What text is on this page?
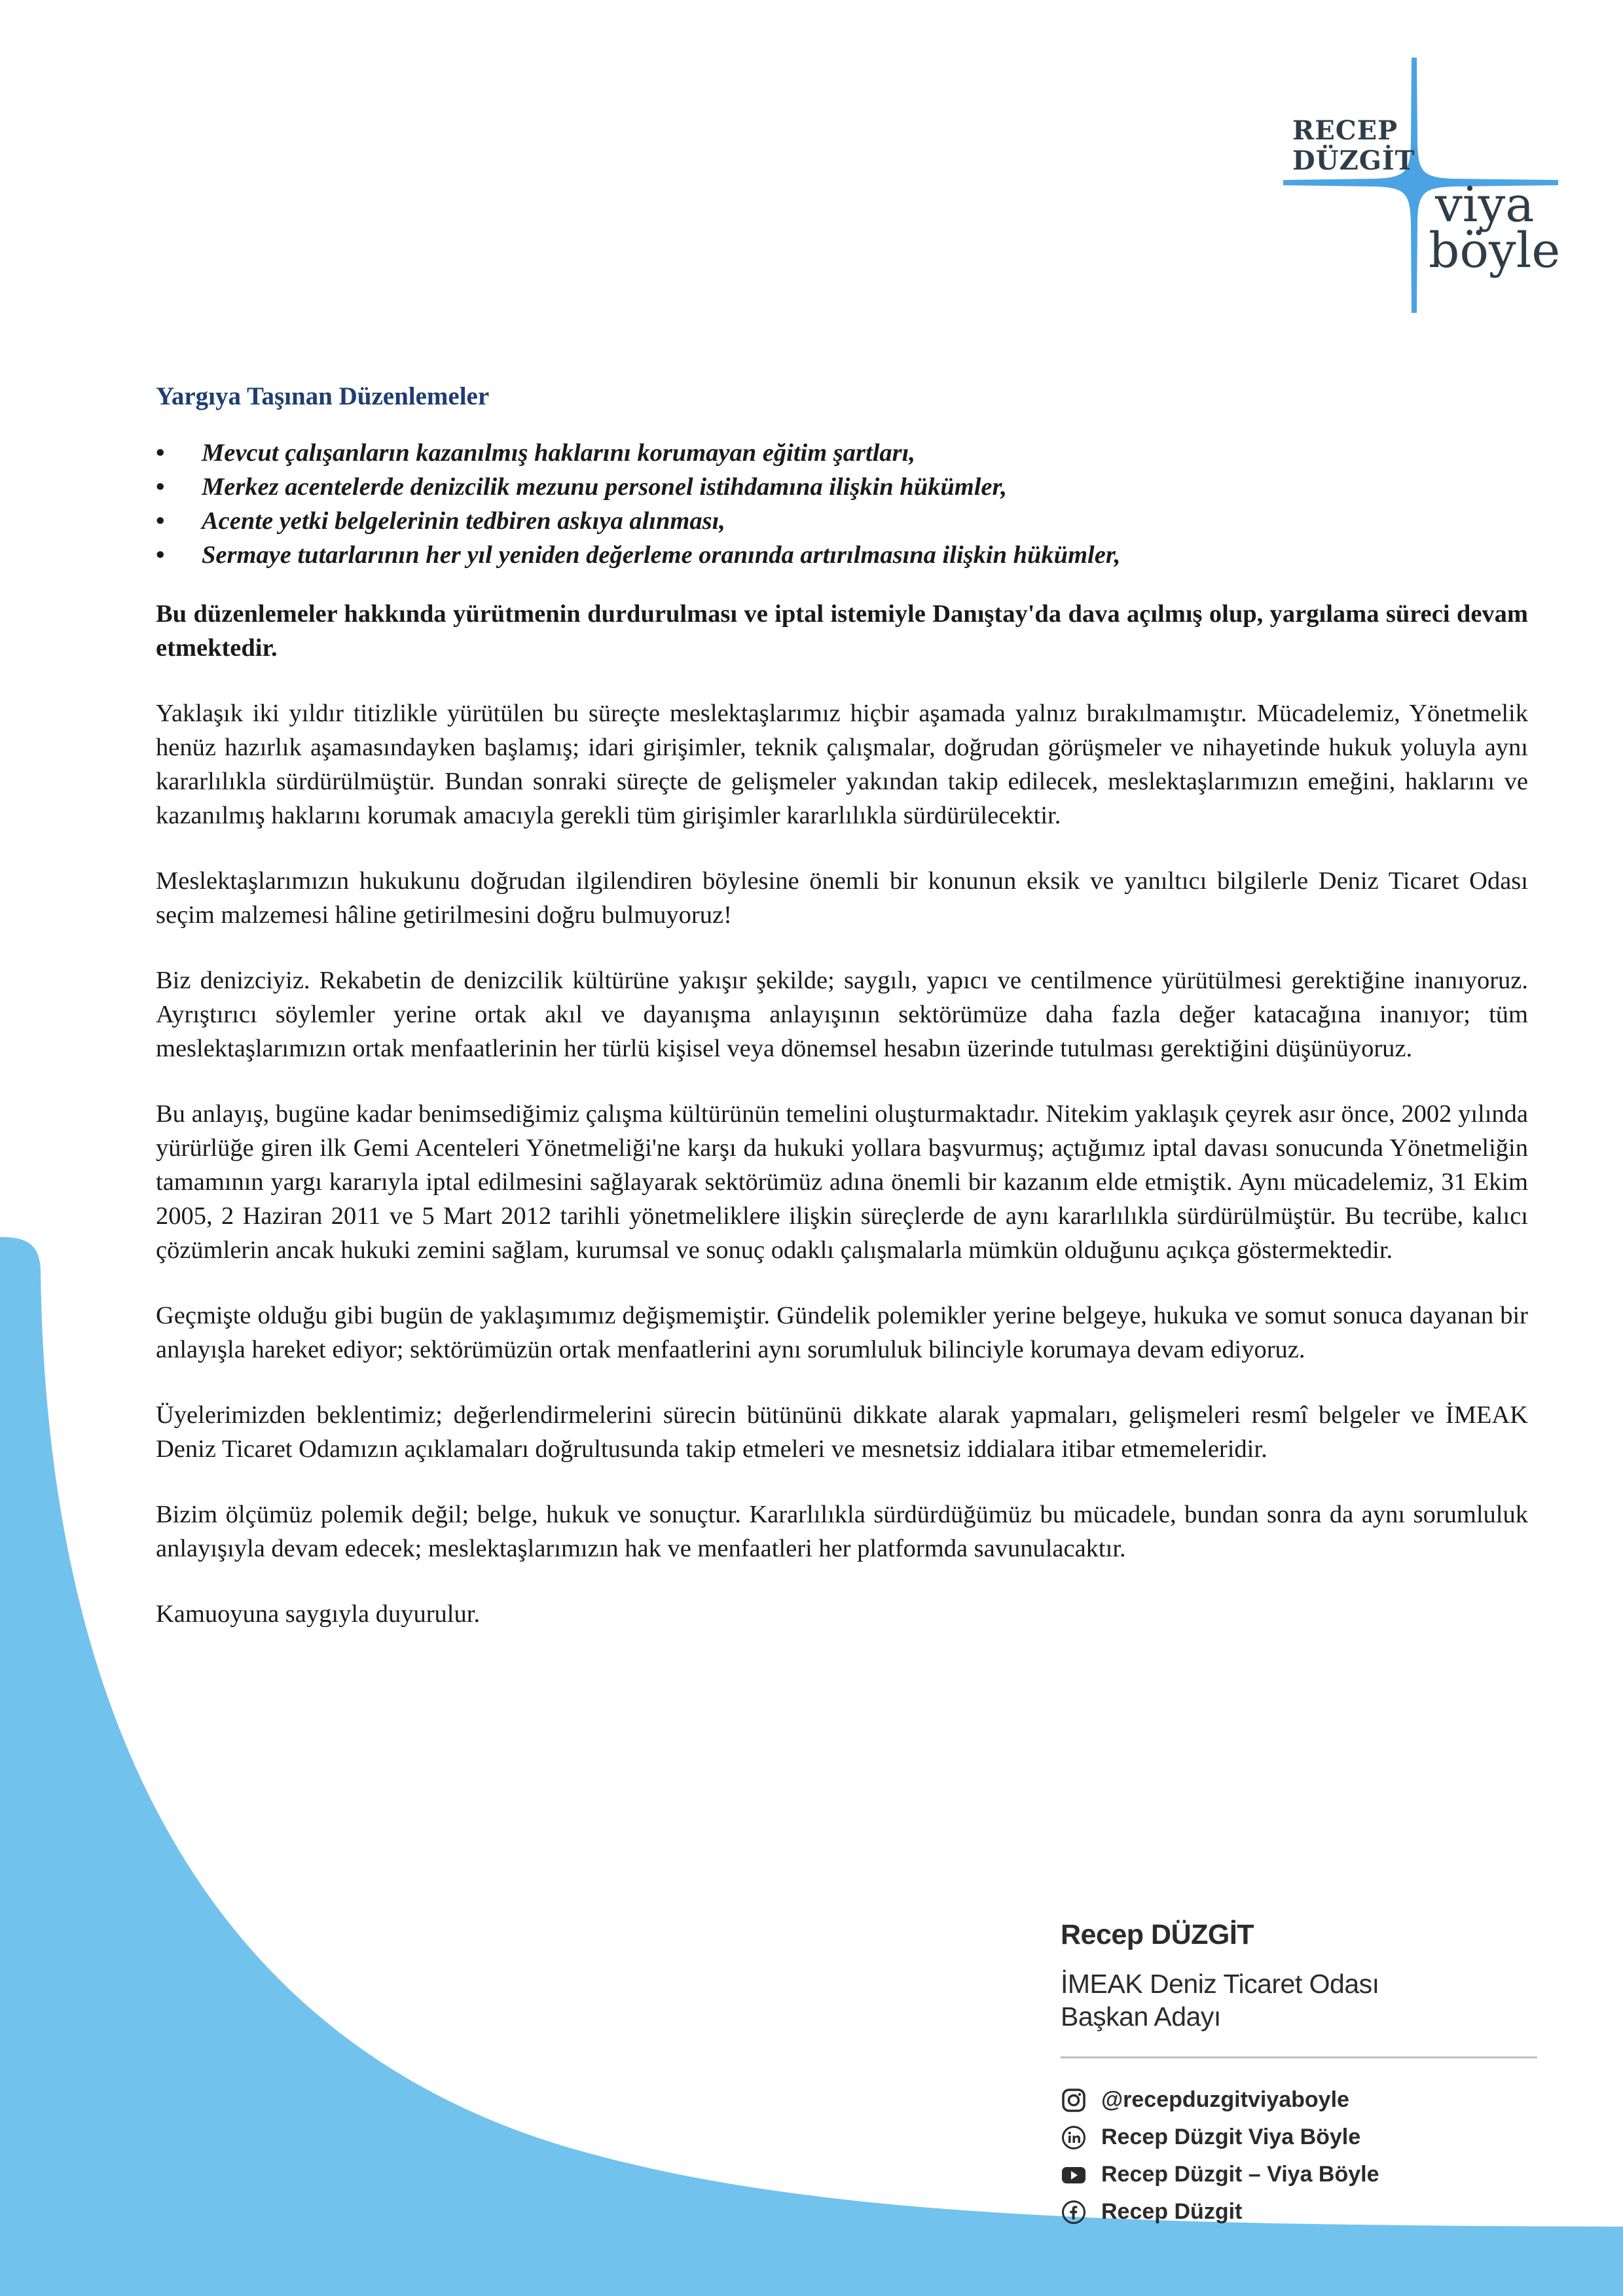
RECEP
DÜZGİT
viya
böyle
Yargıya Taşınan Düzenlemeler
• Mevcut çalışanların kazanılmış haklarını korumayan eğitim şartları,
• Merkez acentelerde denizcilik mezunu personel istihdamına ilişkin hükümler,
• Acente yetki belgelerinin tedbiren askıya alınması,
• Sermaye tutarlarının her yıl yeniden değerleme oranında artırılmasına ilişkin hükümler,

Bu düzenlemeler hakkında yürütmenin durdurulması ve iptal istemiyle Danıştay'da dava açılmış olup, yargılama süreci devam etmektedir.

Yaklaşık iki yıldır titizlikle yürütülen bu süreçte meslektaşlarımız hiçbir aşamada yalnız bırakılmamıştır. Mücadelemiz, Yönetmelik henüz hazırlık aşamasındayken başlamış; idari girişimler, teknik çalışmalar, doğrudan görüşmeler ve nihayetinde hukuk yoluyla aynı kararlılıkla sürdürülmüştür. Bundan sonraki süreçte de gelişmeler yakından takip edilecek, meslektaşlarımızın emeğini, haklarını ve kazanılmış haklarını korumak amacıyla gerekli tüm girişimler kararlılıkla sürdürülecektir.

Meslektaşlarımızın hukukunu doğrudan ilgilendiren böylesine önemli bir konunun eksik ve yanıltıcı bilgilerle Deniz Ticaret Odası seçim malzemesi hâline getirilmesini doğru bulmuyoruz!

Biz denizciyiz. Rekabetin de denizcilik kültürüne yakışır şekilde; saygılı, yapıcı ve centilmence yürütülmesi gerektiğine inanıyoruz. Ayrıştırıcı söylemler yerine ortak akıl ve dayanışma anlayışının sektörümüze daha fazla değer katacağına inanıyor; tüm meslektaşlarımızın ortak menfaatlerinin her türlü kişisel veya dönemsel hesabın üzerinde tutulması gerektiğini düşünüyoruz.

Bu anlayış, bugüne kadar benimsediğimiz çalışma kültürünün temelini oluşturmaktadır. Nitekim yaklaşık çeyrek asır önce, 2002 yılında yürürlüğe giren ilk Gemi Acenteleri Yönetmeliği'ne karşı da hukuki yollara başvurmuş; açtığımız iptal davası sonucunda Yönetmeliğin tamamının yargı kararıyla iptal edilmesini sağlayarak sektörümüz adına önemli bir kazanım elde etmiştik. Aynı mücadelemiz, 31 Ekim 2005, 2 Haziran 2011 ve 5 Mart 2012 tarihli yönetmeliklere ilişkin süreçlerde de aynı kararlılıkla sürdürülmüştür. Bu tecrübe, kalıcı çözümlerin ancak hukuki zemini sağlam, kurumsal ve sonuç odaklı çalışmalarla mümkün olduğunu açıkça göstermektedir.

Geçmişte olduğu gibi bugün de yaklaşımımız değişmemiştir. Gündelik polemikler yerine belgeye, hukuka ve somut sonuca dayanan bir anlayışla hareket ediyor; sektörümüzün ortak menfaatlerini aynı sorumluluk bilinciyle korumaya devam ediyoruz.

Üyelerimizden beklentimiz; değerlendirmelerini sürecin bütününü dikkate alarak yapmaları, gelişmeleri resmî belgeler ve İMEAK Deniz Ticaret Odamızın açıklamaları doğrultusunda takip etmeleri ve mesnetsiz iddialara itibar etmemeleridir.

Bizim ölçümüz polemik değil; belge, hukuk ve sonuçtur. Kararlılıkla sürdürdüğümüz bu mücadele, bundan sonra da aynı sorumluluk anlayışıyla devam edecek; meslektaşlarımızın hak ve menfaatleri her platformda savunulacaktır.

Kamuoyuna saygıyla duyurulur.

Recep DÜZGİT
İMEAK Deniz Ticaret Odası
Başkan Adayı
@recepduzgitviyaboyle
Recep Düzgit Viya Böyle
Recep Düzgit – Viya Böyle
Recep Düzgit
